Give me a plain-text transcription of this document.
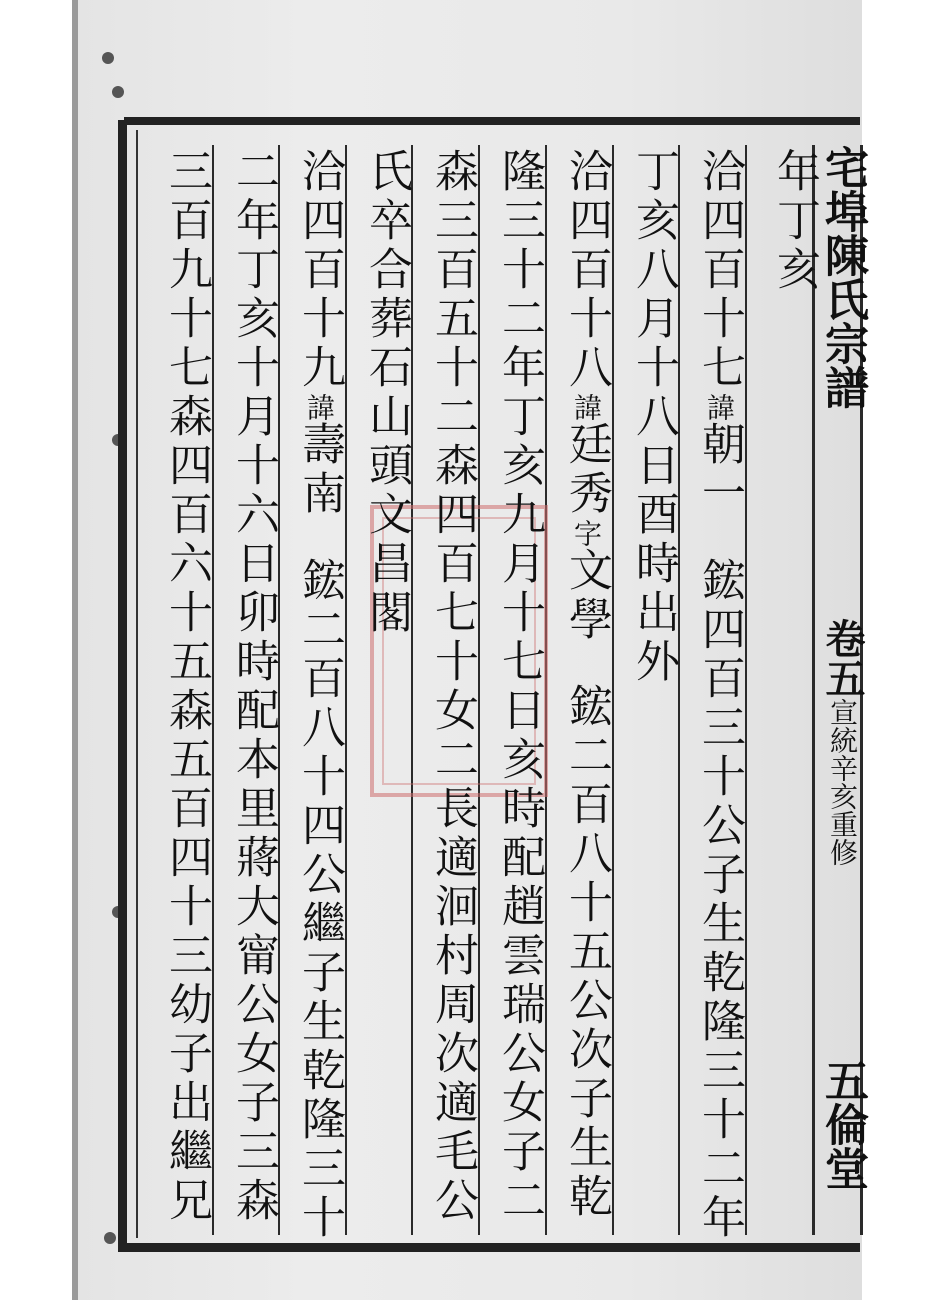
宅埠陳氏宗譜
卷五宣統辛亥重修
五倫堂
年丁亥
洽四百十七諱朝一鋐四百三十公子生乾隆三十二年
丁亥八月十八日酉時出外
洽四百十八諱廷秀字文學鋐二百八十五公次子生乾
隆三十二年丁亥九月十七日亥時配趙雲瑞公女子二
森三百五十二森四百七十女二長適洄村周次適毛公
氏卒合葬石山頭文昌閣
洽四百十九諱壽南鋐二百八十四公繼子生乾隆三十
二年丁亥十月十六日卯時配本里蔣大甯公女子三森
三百九十七森四百六十五森五百四十三幼子出繼兄
